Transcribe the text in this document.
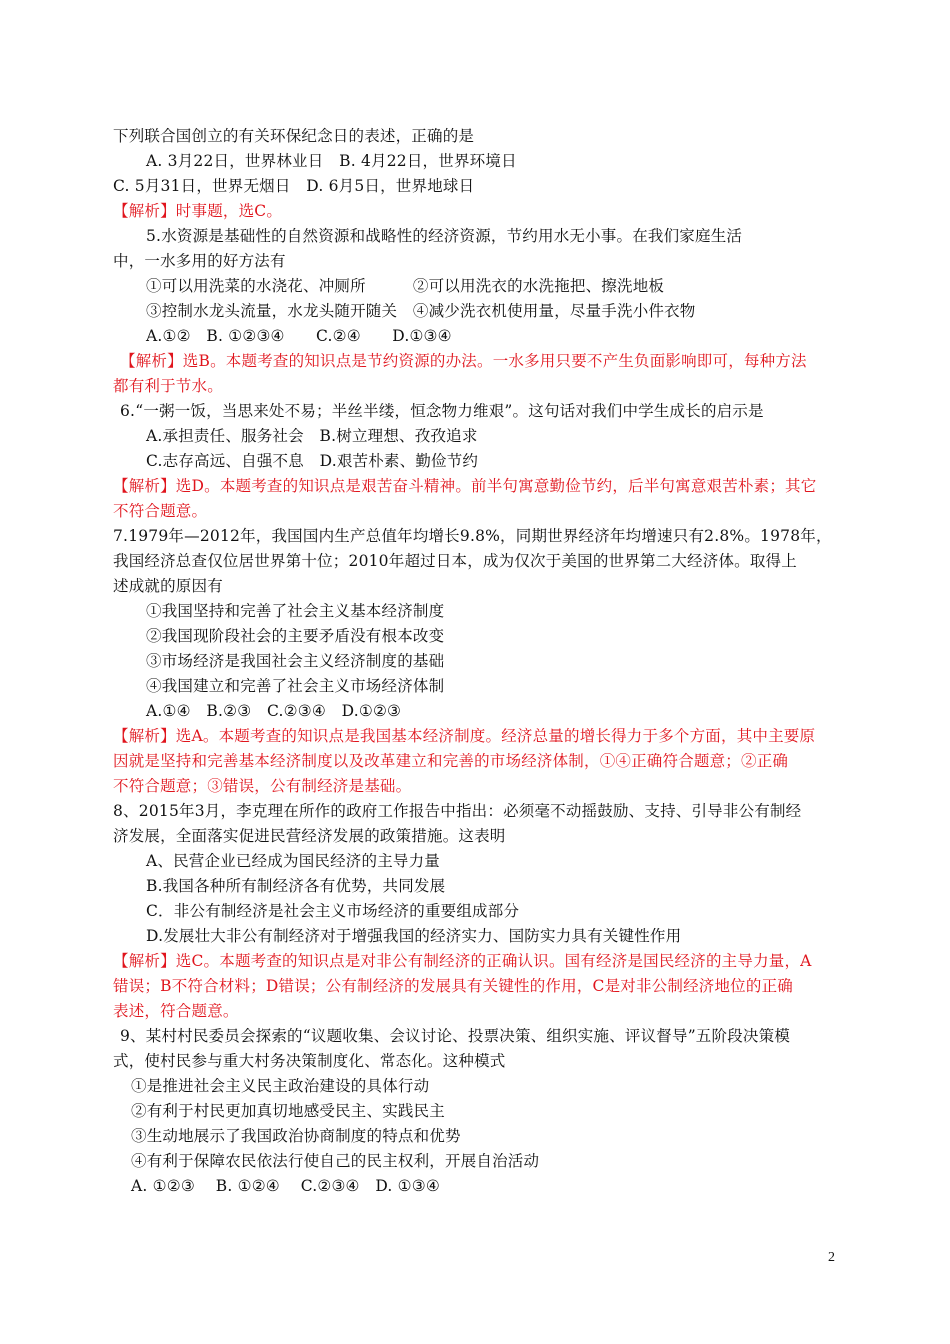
下列联合国创立的有关环保纪念日的表述，正确的是
A. 3月22日，世界林业日　B. 4月22日，世界环境日
C. 5月31日，世界无烟日　D. 6月5日，世界地球日
【解析】时事题，选C。
5.水资源是基础性的自然资源和战略性的经济资源，节约用水无小事。在我们家庭生活
中，一水多用的好方法有
①可以用洗菜的水浇花、冲厕所　　　②可以用洗衣的水洗拖把、擦洗地板
③控制水龙头流量，水龙头随开随关　④减少洗衣机使用量，尽量手洗小件衣物
A.①②　B. ①②③④　　C.②④　　D.①③④
【解析】选B。本题考查的知识点是节约资源的办法。一水多用只要不产生负面影响即可，每种方法
都有利于节水。
6.“一粥一饭，当思来处不易；半丝半缕，恒念物力维艰”。这句话对我们中学生成长的启示是
A.承担责任、服务社会　B.树立理想、孜孜追求
C.志存高远、自强不息　D.艰苦朴素、勤俭节约
【解析】选D。本题考查的知识点是艰苦奋斗精神。前半句寓意勤俭节约，后半句寓意艰苦朴素；其它
不符合题意。
7.1979年—2012年，我国国内生产总值年均增长9.8%，同期世界经济年均增速只有2.8%。1978年，
我国经济总查仅位居世界第十位；2010年超过日本，成为仅次于美国的世界第二大经济体。取得上
述成就的原因有
①我国坚持和完善了社会主义基本经济制度
②我国现阶段社会的主要矛盾没有根本改变
③市场经济是我国社会主义经济制度的基础
④我国建立和完善了社会主义市场经济体制
A.①④　B.②③　C.②③④　D.①②③
【解析】选A。本题考查的知识点是我国基本经济制度。经济总量的增长得力于多个方面，其中主要原
因就是坚持和完善基本经济制度以及改革建立和完善的市场经济体制，①④正确符合题意；②正确
不符合题意；③错误，公有制经济是基础。
8、2015年3月，李克理在所作的政府工作报告中指出：必须毫不动摇鼓励、支持、引导非公有制经
济发展，全面落实促进民营经济发展的政策措施。这表明
A、民营企业已经成为国民经济的主导力量
B.我国各种所有制经济各有优势，共同发展
C．非公有制经济是社会主义市场经济的重要组成部分
D.发展壮大非公有制经济对于增强我国的经济实力、国防实力具有关键性作用
【解析】选C。本题考查的知识点是对非公有制经济的正确认识。国有经济是国民经济的主导力量，A
错误；B不符合材料；D错误；公有制经济的发展具有关键性的作用，C是对非公制经济地位的正确
表述，符合题意。
9、某村村民委员会探索的“议题收集、会议讨论、投票决策、组织实施、评议督导”五阶段决策模
式，使村民参与重大村务决策制度化、常态化。这种模式
①是推进社会主义民主政治建设的具体行动
②有利于村民更加真切地感受民主、实践民主
③生动地展示了我国政治协商制度的特点和优势
④有利于保障农民依法行使自己的民主权利，开展自治活动
A. ①②③　 B. ①②④　 C.②③④　D. ①③④
2
